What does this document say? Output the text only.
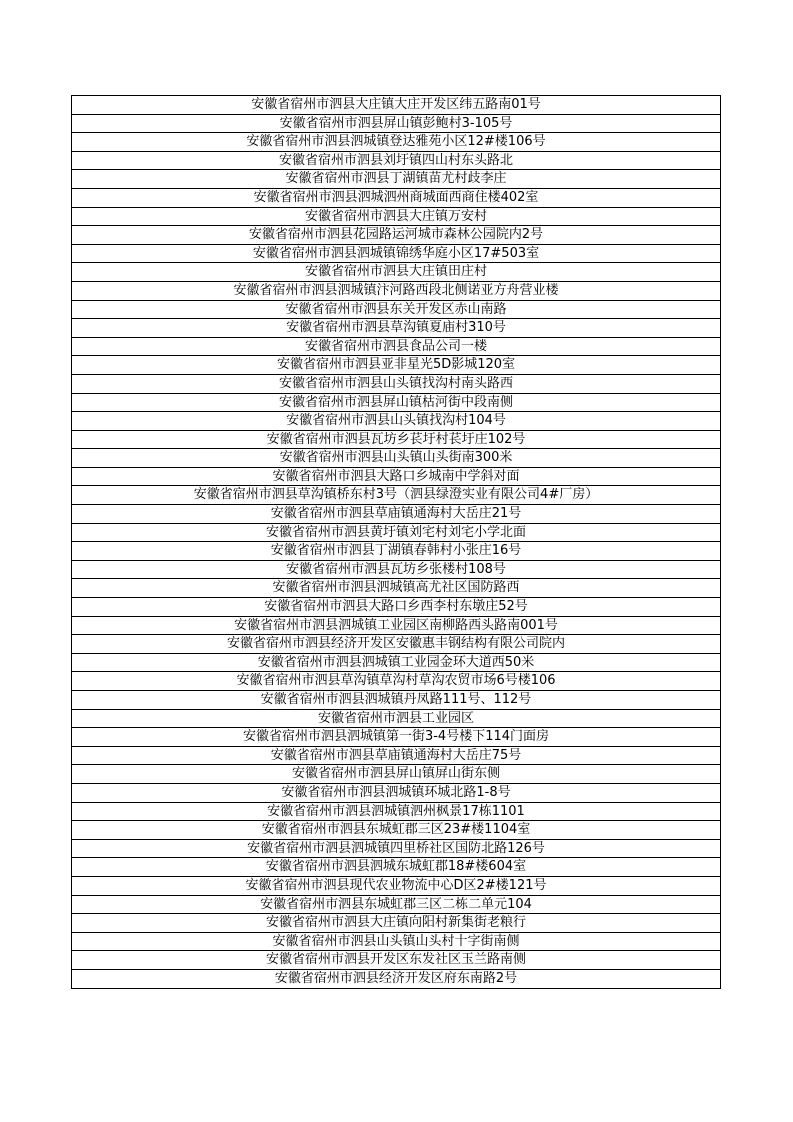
安徽省宿州市泗县大庄镇大庄开发区纬五路南01号
安徽省宿州市泗县屏山镇彭鲍村3-105号
安徽省宿州市泗县泗城镇登达雅苑小区12#楼106号
安徽省宿州市泗县刘圩镇四山村东头路北
安徽省宿州市泗县丁湖镇苗尤村歧李庄
安徽省宿州市泗县泗城泗州商城面西商住楼402室
安徽省宿州市泗县大庄镇万安村
安徽省宿州市泗县花园路运河城市森林公园院内2号
安徽省宿州市泗县泗城镇锦绣华庭小区17#503室
安徽省宿州市泗县大庄镇田庄村
安徽省宿州市泗县泗城镇汴河路西段北侧诺亚方舟营业楼
安徽省宿州市泗县东关开发区赤山南路
安徽省宿州市泗县草沟镇夏庙村310号
安徽省宿州市泗县食品公司一楼
安徽省宿州市泗县亚非星光5D影城120室
安徽省宿州市泗县山头镇找沟村南头路西
安徽省宿州市泗县屏山镇枯河街中段南侧
安徽省宿州市泗县山头镇找沟村104号
安徽省宿州市泗县瓦坊乡苌圩村苌圩庄102号
安徽省宿州市泗县山头镇山头街南300米
安徽省宿州市泗县大路口乡城南中学斜对面
安徽省宿州市泗县草沟镇桥东村3号（泗县绿澄实业有限公司4#厂房）
安徽省宿州市泗县草庙镇通海村大岳庄21号
安徽省宿州市泗县黄圩镇刘宅村刘宅小学北面
安徽省宿州市泗县丁湖镇春韩村小张庄16号
安徽省宿州市泗县瓦坊乡张楼村108号
安徽省宿州市泗县泗城镇高尤社区国防路西
安徽省宿州市泗县大路口乡西李村东墩庄52号
安徽省宿州市泗县泗城镇工业园区南柳路西头路南001号
安徽省宿州市泗县经济开发区安徽惠丰钢结构有限公司院内
安徽省宿州市泗县泗城镇工业园金环大道西50米
安徽省宿州市泗县草沟镇草沟村草沟农贸市场6号楼106
安徽省宿州市泗县泗城镇丹凤路111号、112号
安徽省宿州市泗县工业园区
安徽省宿州市泗县泗城镇第一街3-4号楼下114门面房
安徽省宿州市泗县草庙镇通海村大岳庄75号
安徽省宿州市泗县屏山镇屏山街东侧
安徽省宿州市泗县泗城镇环城北路1-8号
安徽省宿州市泗县泗城镇泗州枫景17栋1101
安徽省宿州市泗县东城虹郡三区23#楼1104室
安徽省宿州市泗县泗城镇四里桥社区国防北路126号
安徽省宿州市泗县泗城东城虹郡18#楼604室
安徽省宿州市泗县现代农业物流中心D区2#楼121号
安徽省宿州市泗县东城虹郡三区二栋二单元104
安徽省宿州市泗县大庄镇向阳村新集街老粮行
安徽省宿州市泗县山头镇山头村十字街南侧
安徽省宿州市泗县开发区东发社区玉兰路南侧
安徽省宿州市泗县经济开发区府东南路2号
